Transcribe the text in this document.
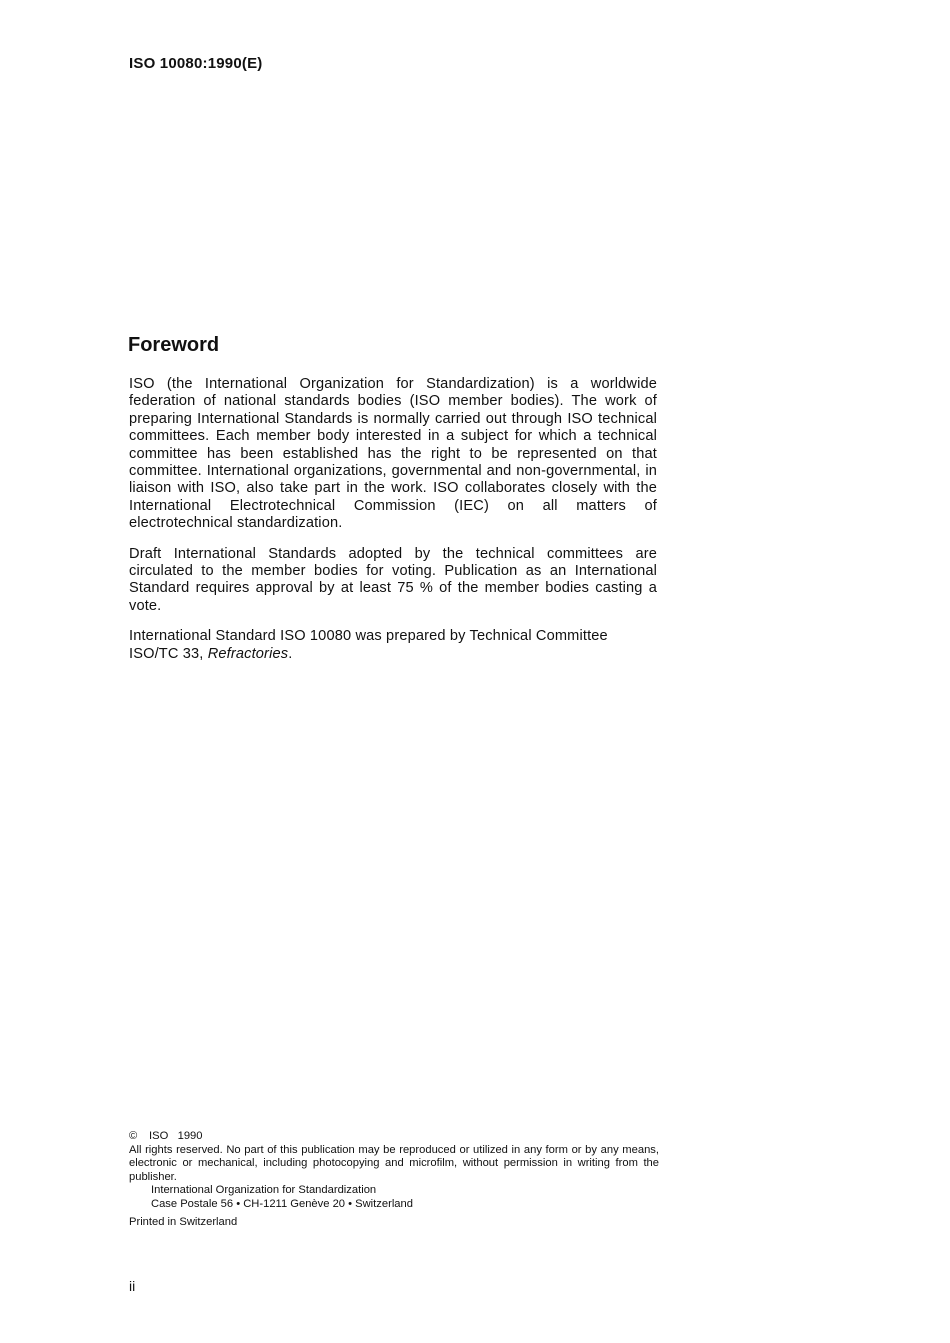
ISO 10080:1990(E)
Foreword

ISO (the International Organization for Standardization) is a worldwide federation of national standards bodies (ISO member bodies). The work of preparing International Standards is normally carried out through ISO technical committees. Each member body interested in a subject for which a technical committee has been established has the right to be represented on that committee. International organizations, governmental and non-governmental, in liaison with ISO, also take part in the work. ISO collaborates closely with the International Electrotechnical Commission (IEC) on all matters of electrotechnical standardization.

Draft International Standards adopted by the technical committees are circulated to the member bodies for voting. Publication as an International Standard requires approval by at least 75 % of the member bodies casting a vote.

International Standard ISO 10080 was prepared by Technical Committee ISO/TC 33, Refractories.

© ISO   1990
All rights reserved. No part of this publication may be reproduced or utilized in any form or by any means, electronic or mechanical, including photocopying and microfilm, without permission in writing from the publisher.
International Organization for Standardization
Case Postale 56 • CH-1211 Genève 20 • Switzerland
Printed in Switzerland
ii
